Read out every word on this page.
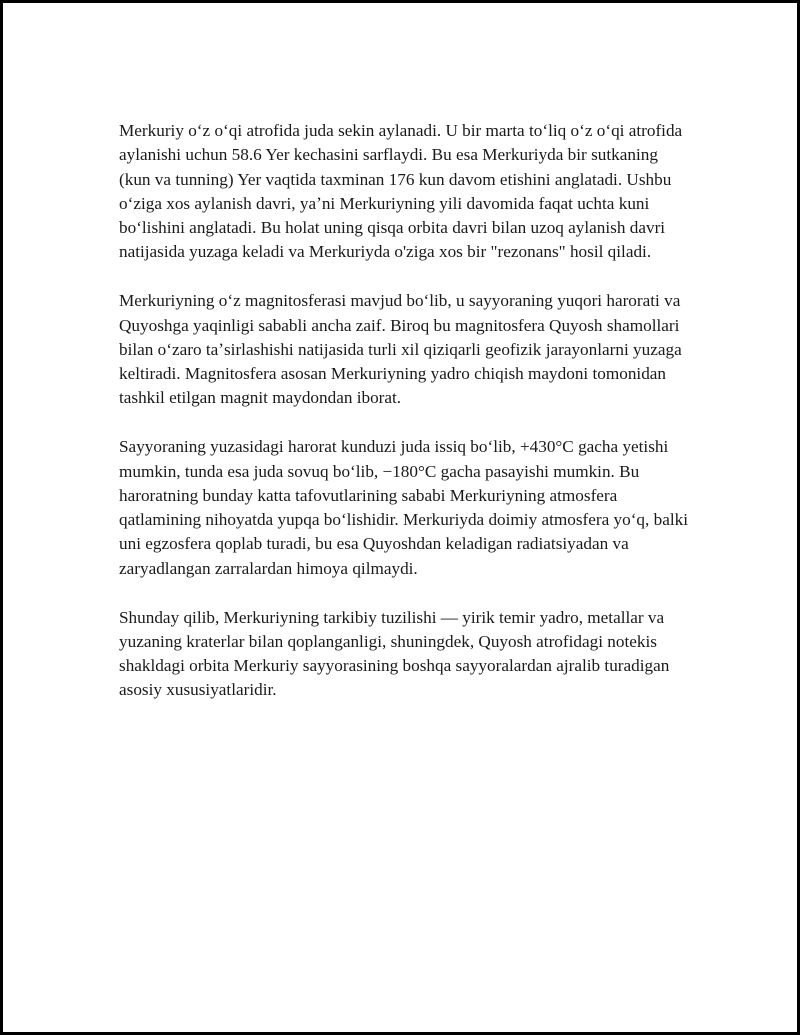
Merkuriy oʻz oʻqi atrofida juda sekin aylanadi. U bir marta toʻliq oʻz oʻqi atrofida aylanishi uchun 58.6 Yer kechasini sarflaydi. Bu esa Merkuriyda bir sutkaning (kun va tunning) Yer vaqtida taxminan 176 kun davom etishini anglatadi. Ushbu oʻziga xos aylanish davri, yaʼni Merkuriyning yili davomida faqat uchta kuni boʻlishini anglatadi. Bu holat uning qisqa orbita davri bilan uzoq aylanish davri natijasida yuzaga keladi va Merkuriyda o'ziga xos bir "rezonans" hosil qiladi.

Merkuriyning oʻz magnitosferasi mavjud boʻlib, u sayyoraning yuqori harorati va Quyoshga yaqinligi sababli ancha zaif. Biroq bu magnitosfera Quyosh shamollari bilan oʻzaro taʼsirlashishi natijasida turli xil qiziqarli geofizik jarayonlarni yuzaga keltiradi. Magnitosfera asosan Merkuriyning yadro chiqish maydoni tomonidan tashkil etilgan magnit maydondan iborat.

Sayyoraning yuzasidagi harorat kunduzi juda issiq boʻlib, +430°C gacha yetishi mumkin, tunda esa juda sovuq boʻlib, −180°C gacha pasayishi mumkin. Bu haroratning bunday katta tafovutlarining sababi Merkuriyning atmosfera qatlamining nihoyatda yupqa boʻlishidir. Merkuriyda doimiy atmosfera yoʻq, balki uni egzosfera qoplab turadi, bu esa Quyoshdan keladigan radiatsiyadan va zaryadlangan zarralardan himoya qilmaydi.

Shunday qilib, Merkuriyning tarkibiy tuzilishi — yirik temir yadro, metallar va yuzaning kraterlar bilan qoplanganligi, shuningdek, Quyosh atrofidagi notekis shakldagi orbita Merkuriy sayyorasining boshqa sayyoralardan ajralib turadigan asosiy xususiyatlaridir.
